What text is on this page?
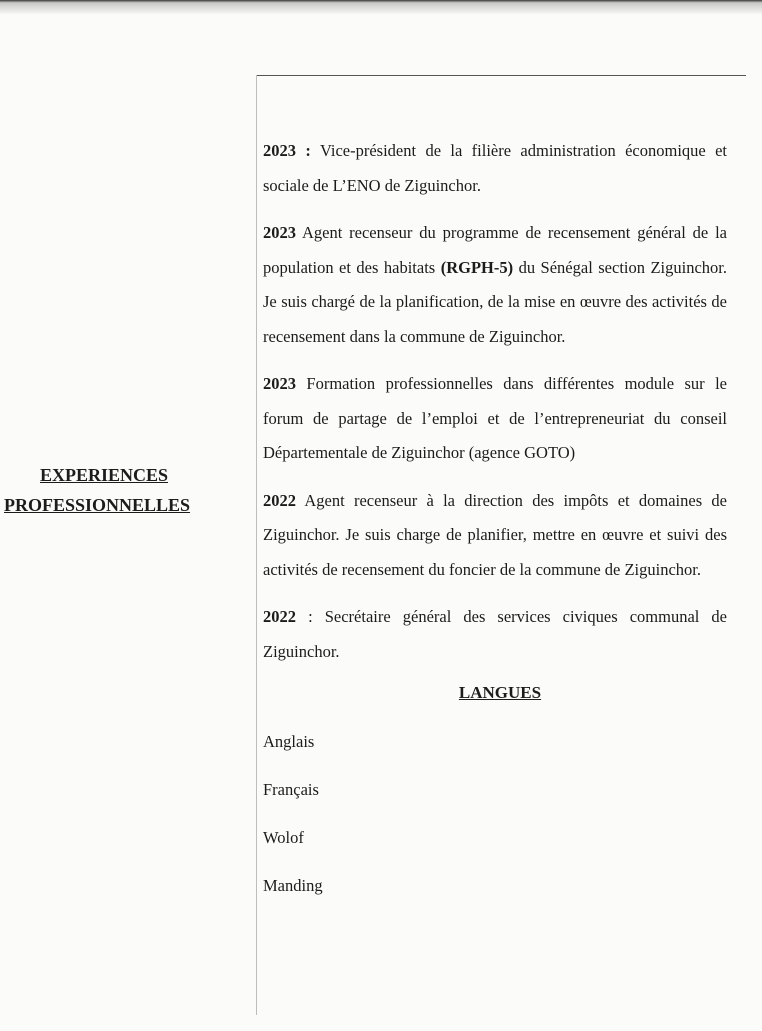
EXPERIENCES
PROFESSIONNELLES

2023 : Vice-président de la filière administration économique et sociale de L’ENO de Ziguinchor.

2023 Agent recenseur du programme de recensement général de la population et des habitats (RGPH-5) du Sénégal section Ziguinchor. Je suis chargé de la planification, de la mise en œuvre des activités de recensement dans la commune de Ziguinchor.

2023 Formation professionnelles dans différentes module sur le forum de partage de l’emploi et de l’entrepreneuriat du conseil Départementale de Ziguinchor (agence GOTO)

2022 Agent recenseur à la direction des impôts et domaines de Ziguinchor. Je suis charge de planifier, mettre en œuvre et suivi des activités de recensement du foncier de la commune de Ziguinchor.

2022 : Secrétaire général des services civiques communal de Ziguinchor.

LANGUES
Anglais
Français
Wolof
Manding
